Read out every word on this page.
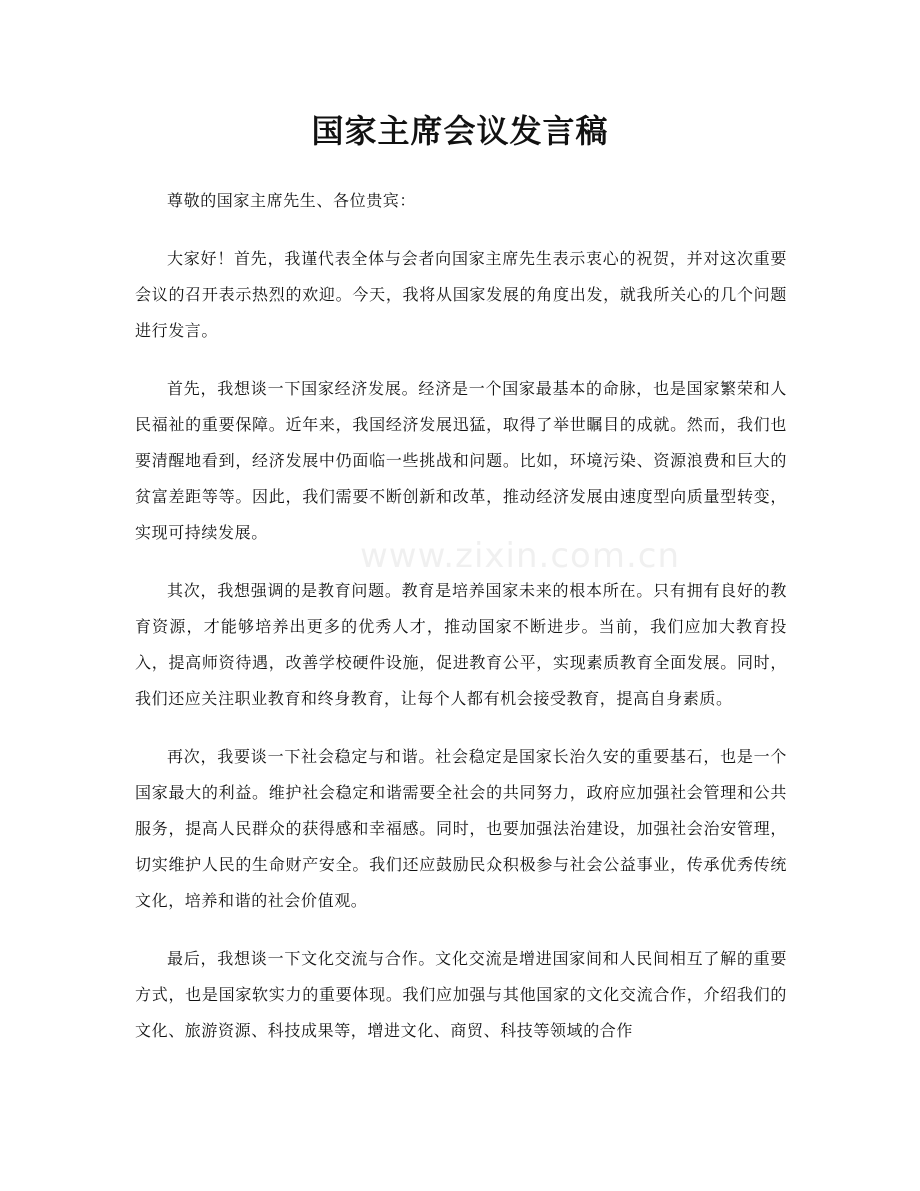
www.zixin.com.cn
国家主席会议发言稿

尊敬的国家主席先生、各位贵宾：

大家好！首先，我谨代表全体与会者向国家主席先生表示衷心的祝贺，并对这次重要会议的召开表示热烈的欢迎。今天，我将从国家发展的角度出发，就我所关心的几个问题进行发言。

首先，我想谈一下国家经济发展。经济是一个国家最基本的命脉，也是国家繁荣和人民福祉的重要保障。近年来，我国经济发展迅猛，取得了举世瞩目的成就。然而，我们也要清醒地看到，经济发展中仍面临一些挑战和问题。比如，环境污染、资源浪费和巨大的贫富差距等等。因此，我们需要不断创新和改革，推动经济发展由速度型向质量型转变，实现可持续发展。

其次，我想强调的是教育问题。教育是培养国家未来的根本所在。只有拥有良好的教育资源，才能够培养出更多的优秀人才，推动国家不断进步。当前，我们应加大教育投入，提高师资待遇，改善学校硬件设施，促进教育公平，实现素质教育全面发展。同时，我们还应关注职业教育和终身教育，让每个人都有机会接受教育，提高自身素质。

再次，我要谈一下社会稳定与和谐。社会稳定是国家长治久安的重要基石，也是一个国家最大的利益。维护社会稳定和谐需要全社会的共同努力，政府应加强社会管理和公共服务，提高人民群众的获得感和幸福感。同时，也要加强法治建设，加强社会治安管理，切实维护人民的生命财产安全。我们还应鼓励民众积极参与社会公益事业，传承优秀传统文化，培养和谐的社会价值观。

最后，我想谈一下文化交流与合作。文化交流是增进国家间和人民间相互了解的重要方式，也是国家软实力的重要体现。我们应加强与其他国家的文化交流合作，介绍我们的文化、旅游资源、科技成果等，增进文化、商贸、科技等领域的合作
